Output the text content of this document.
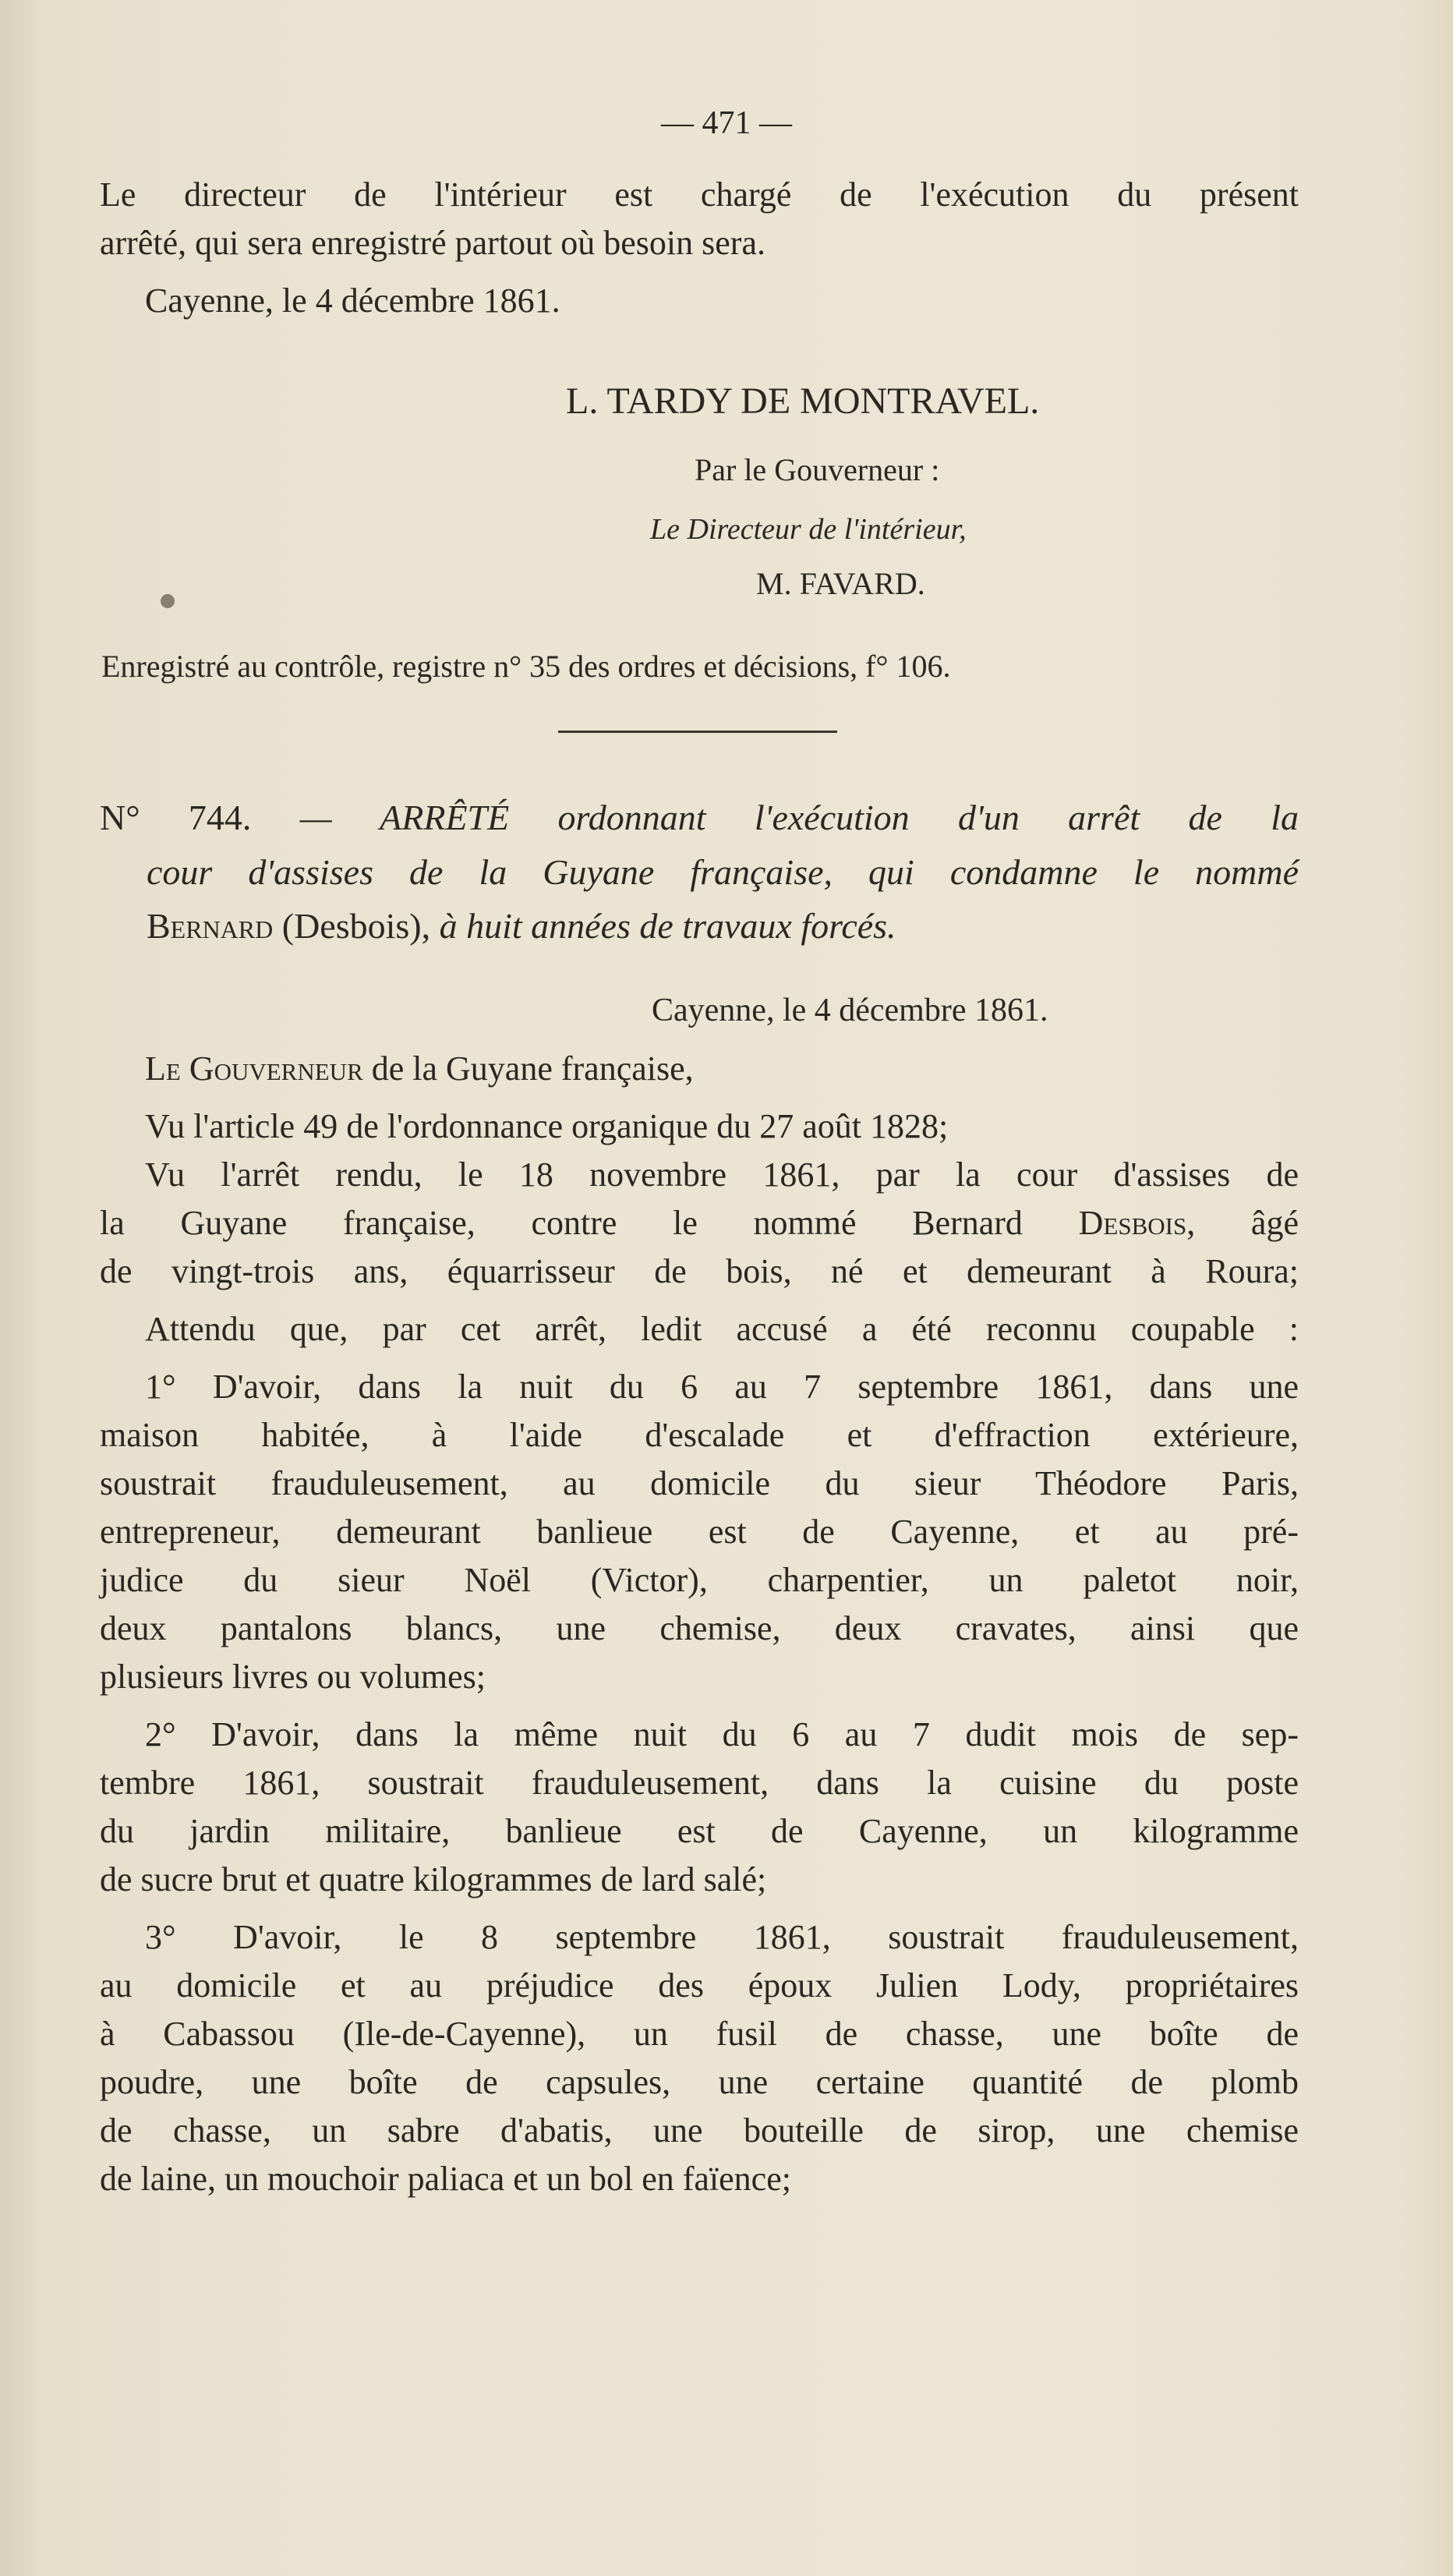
— 471 —
Le directeur de l'intérieur est chargé de l'exécution du présent
arrêté, qui sera enregistré partout où besoin sera.
Cayenne, le 4 décembre 1861.
L. TARDY DE MONTRAVEL.
Par le Gouverneur :
Le Directeur de l'intérieur,
M. FAVARD.
Enregistré au contrôle, registre n° 35 des ordres et décisions, f° 106.
N° 744. — ARRÊTÉ ordonnant l'exécution d'un arrêt de la
cour d'assises de la Guyane française, qui condamne le nommé
Bernard (Desbois), à huit années de travaux forcés.
Cayenne, le 4 décembre 1861.
Le Gouverneur de la Guyane française,
Vu l'article 49 de l'ordonnance organique du 27 août 1828;
Vu l'arrêt rendu, le 18 novembre 1861, par la cour d'assises de
la Guyane française, contre le nommé Bernard Desbois, âgé
de vingt-trois ans, équarrisseur de bois, né et demeurant à Roura;
Attendu que, par cet arrêt, ledit accusé a été reconnu coupable :
1° D'avoir, dans la nuit du 6 au 7 septembre 1861, dans une
maison habitée, à l'aide d'escalade et d'effraction extérieure,
soustrait frauduleusement, au domicile du sieur Théodore Paris,
entrepreneur, demeurant banlieue est de Cayenne, et au pré-
judice du sieur Noël (Victor), charpentier, un paletot noir,
deux pantalons blancs, une chemise, deux cravates, ainsi que
plusieurs livres ou volumes;
2° D'avoir, dans la même nuit du 6 au 7 dudit mois de sep-
tembre 1861, soustrait frauduleusement, dans la cuisine du poste
du jardin militaire, banlieue est de Cayenne, un kilogramme
de sucre brut et quatre kilogrammes de lard salé;
3° D'avoir, le 8 septembre 1861, soustrait frauduleusement,
au domicile et au préjudice des époux Julien Lody, propriétaires
à Cabassou (Ile-de-Cayenne), un fusil de chasse, une boîte de
poudre, une boîte de capsules, une certaine quantité de plomb
de chasse, un sabre d'abatis, une bouteille de sirop, une chemise
de laine, un mouchoir paliaca et un bol en faïence;
